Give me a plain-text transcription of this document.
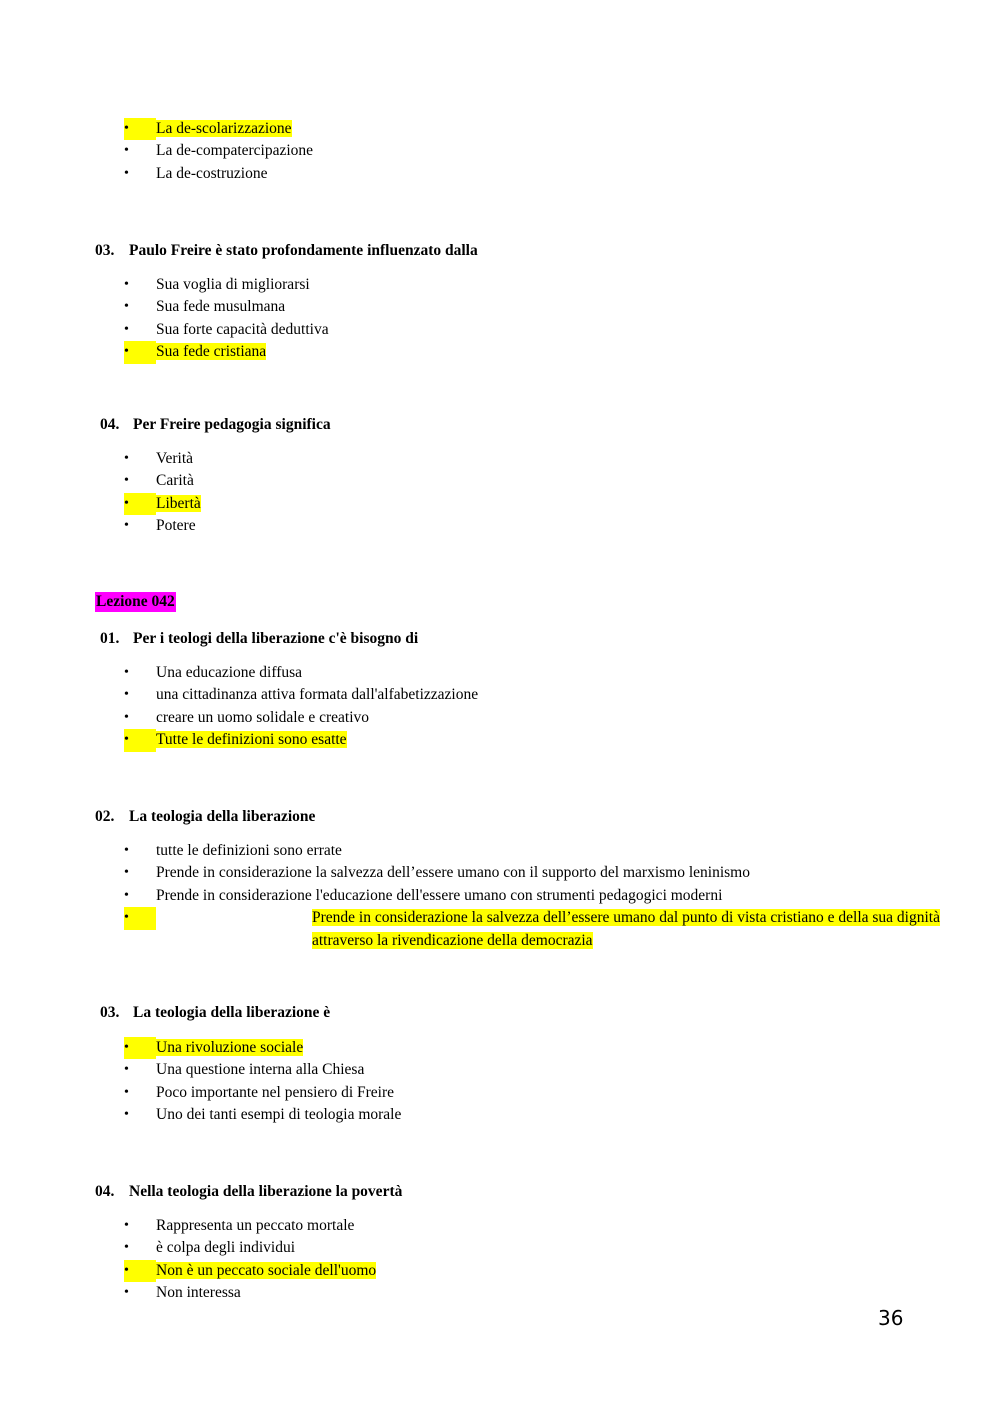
•	La de-scolarizzazione
•	La de-compatercipazione
•	La de-costruzione
03. Paulo Freire è stato profondamente influenzato dalla
•	Sua voglia di migliorarsi
•	Sua fede musulmana
•	Sua forte capacità deduttiva
•	Sua fede cristiana
04. Per Freire pedagogia significa
•	Verità
•	Carità
•	Libertà
•	Potere
Lezione 042
01. Per i teologi della liberazione c'è bisogno di
•	Una educazione diffusa
•	una cittadinanza attiva formata dall'alfabetizzazione
•	creare un uomo solidale e creativo
•	Tutte le definizioni sono esatte
02. La teologia della liberazione
•	tutte le definizioni sono errate
•	Prende in considerazione la salvezza dell’essere umano con il supporto del marxismo leninismo
•	Prende in considerazione l'educazione dell'essere umano con strumenti pedagogici moderni
•	Prende in considerazione la salvezza dell’essere umano dal punto di vista cristiano e della sua dignità attraverso la rivendicazione della democrazia
03. La teologia della liberazione è
•	Una rivoluzione sociale
•	Una questione interna alla Chiesa
•	Poco importante nel pensiero di Freire
•	Uno dei tanti esempi di teologia morale
04. Nella teologia della liberazione la povertà
•	Rappresenta un peccato mortale
•	è colpa degli individui
•	Non è un peccato sociale dell'uomo
•	Non interessa
36
